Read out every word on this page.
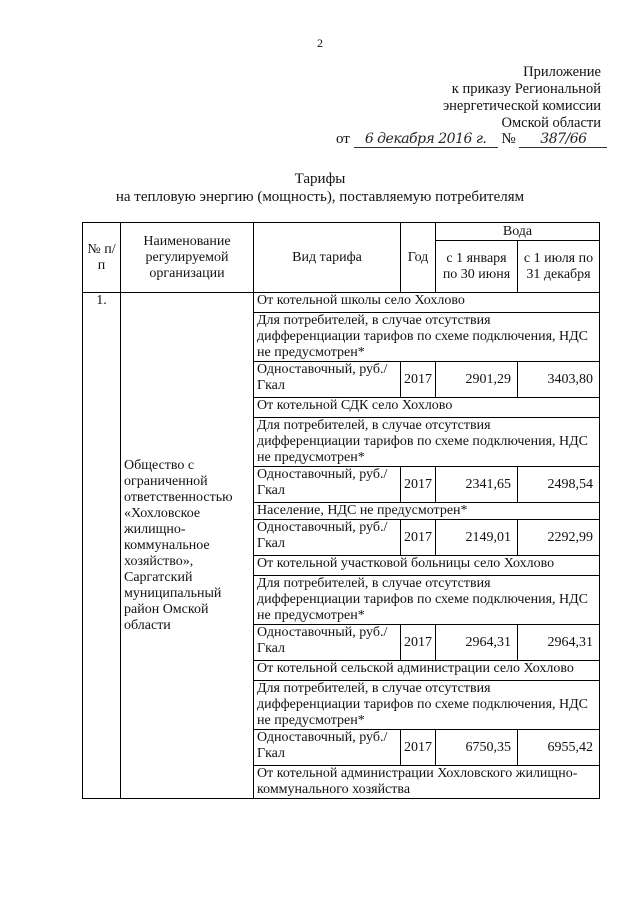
2
Приложение
к приказу Региональной
энергетической комиссии
Омской области
от 6 декабря 2016 г. № 387/66
Тарифы
на тепловую энергию (мощность), поставляемую потребителям
№ п/п	Наименование регулируемой организации	Вид тарифа	Год	Вода	
				с 1 января по 30 июня	с 1 июля по 31 декабря
1.	Общество с ограниченной ответственностью «Хохловское жилищно-коммунальное хозяйство», Саргатский муниципальный район Омской области	От котельной школы село Хохлово			
		Для потребителей, в случае отсутствия дифференциации тарифов по схеме подключения, НДС не предусмотрен*			
		Одноставочный, руб./Гкал	2017	2901,29	3403,80
		От котельной СДК село Хохлово			
		Для потребителей, в случае отсутствия дифференциации тарифов по схеме подключения, НДС не предусмотрен*			
		Одноставочный, руб./Гкал	2017	2341,65	2498,54
		Население, НДС не предусмотрен*			
		Одноставочный, руб./Гкал	2017	2149,01	2292,99
		От котельной участковой больницы село Хохлово			
		Для потребителей, в случае отсутствия дифференциации тарифов по схеме подключения, НДС не предусмотрен*			
		Одноставочный, руб./Гкал	2017	2964,31	2964,31
		От котельной сельской администрации село Хохлово			
		Для потребителей, в случае отсутствия дифференциации тарифов по схеме подключения, НДС не предусмотрен*			
		Одноставочный, руб./Гкал	2017	6750,35	6955,42
		От котельной администрации Хохловского жилищно-коммунального хозяйства			
